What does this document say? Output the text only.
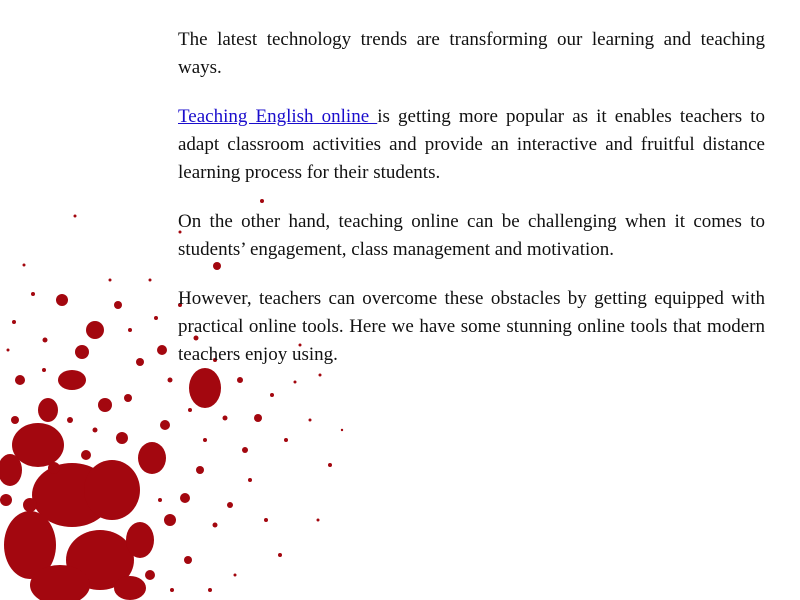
The latest technology trends are transforming our learning and teaching ways.

Teaching English online is getting more popular as it enables teachers to adapt classroom activities and provide an interactive and fruitful distance learning process for their students.

On the other hand, teaching online can be challenging when it comes to students’ engagement, class management and motivation.

However, teachers can overcome these obstacles by getting equipped with practical online tools. Here we have some stunning online tools that modern teachers enjoy using.
